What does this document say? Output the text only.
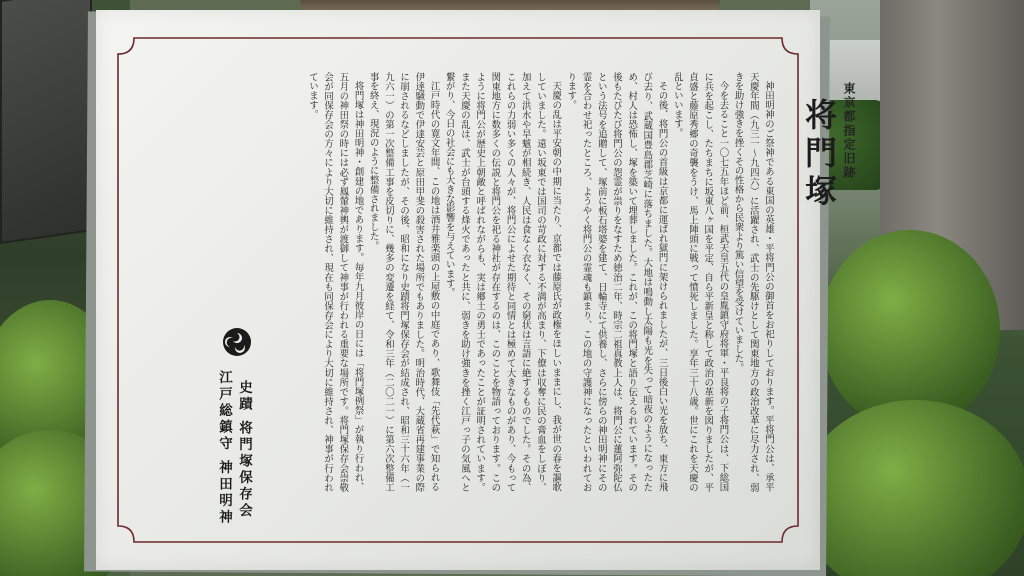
東京都指定旧跡
将門塚

神田明神のご祭神である東国の英雄・平将門公の御首をお祀りしております。平将門公は、承平天慶年間（九三一～九四六）に活躍され、武士の先駆けとして関東地方の政治改革に尽力され、弱きを助け強きを挫くその性格から民衆より篤い信望を受けていました。

今を去ること一〇七五年ほど前、桓武天皇五代の皇胤鎮守府将軍・平良将の子将門公は、下総国に兵を起こし、たちまちに坂東八ヶ国を平定、自ら平新皇と称して政治の革新を図りましたが、平貞盛と藤原秀郷の奇襲をうけ、馬上陣頭に戦って憤死しました。享年三十八歳。世にこれを天慶の乱といいます。

その後、将門公の首級は京都に運ばれ獄門に架けられましたが、三日後白い光を放ち、東方に飛び去り、武蔵国豊島郡芝崎に落ちました。大地は鳴動し太陽も光を失って暗夜のようになったため、村人は恐怖し、塚を築いて埋葬しました。これが、この将門塚と語り伝えられています。その後もたびたび将門公の怨霊が祟りをなすため徳治二年、時宗二祖真教上人は、将門公に蓮阿弥陀仏という法号を追贈して、塚前に板石塔婆を建て、日輪寺にて供養し、さらに傍らの神田明神にその霊を合わせ祀ったところ、ようやく将門公の霊魂も鎮まり、この地の守護神になったといわれております。

天慶の乱は平安朝の中期に当たり、京都では藤原氏が政権をほしいままにし、我が世の春を謳歌していました。遠い坂東では国司の苛政に対する不満が高まり、下僚は収奪に民の膏血をしぼり、加えて洪水や旱魃が相続き、人民は食なく衣なく、その窮状は言語に絶するものでした。その為、これらの力弱い多くの人々が、将門公によせた期待と同情とは極めて大きなものがあり、今もって関東地方に数多くの伝説と将門公を祀る神社が存在するのは、このことを物語っております。このように将門公が歴史上朝敵と呼ばれながらも、実は郷土の勇士であったことが証明されています。また天慶の乱は、武士が台頭する烽火であったと共に、弱きを助け強きを挫く江戸っ子の気風へと繋がり、今日の社会にも大きな影響を与えています。

江戸時代の寛文年間、この地は酒井雅楽頭の上屋敷の中庭であり、歌舞伎「先代萩」で知られる伊達騒動で伊達安芸と原田甲斐の殺害された場所でもありました。明治時代、大蔵省再建事業の際に崩されるなどしましたが、その後、昭和になり史蹟将門塚保存会が結成され、昭和三十六年（一九六一）の第一次整備工事を皮切りに、幾多の変遷を経て、令和三年（二〇二一）に第六次整備工事を終え、現況のように整備されました。

将門塚は神田明神・創建の地であります。毎年九月彼岸の日には「将門塚例祭」が執り行われ、五月の神田祭の時には必ず鳳輦神輿が渡御して神事が行われる重要な場所です。将門塚保存会崇敬会が同保存会の方々により大切に維持され、現在も同保存会により大切に維持され、神事が行われています。

史蹟 将門塚保存会
江戸総鎮守 神田明神
